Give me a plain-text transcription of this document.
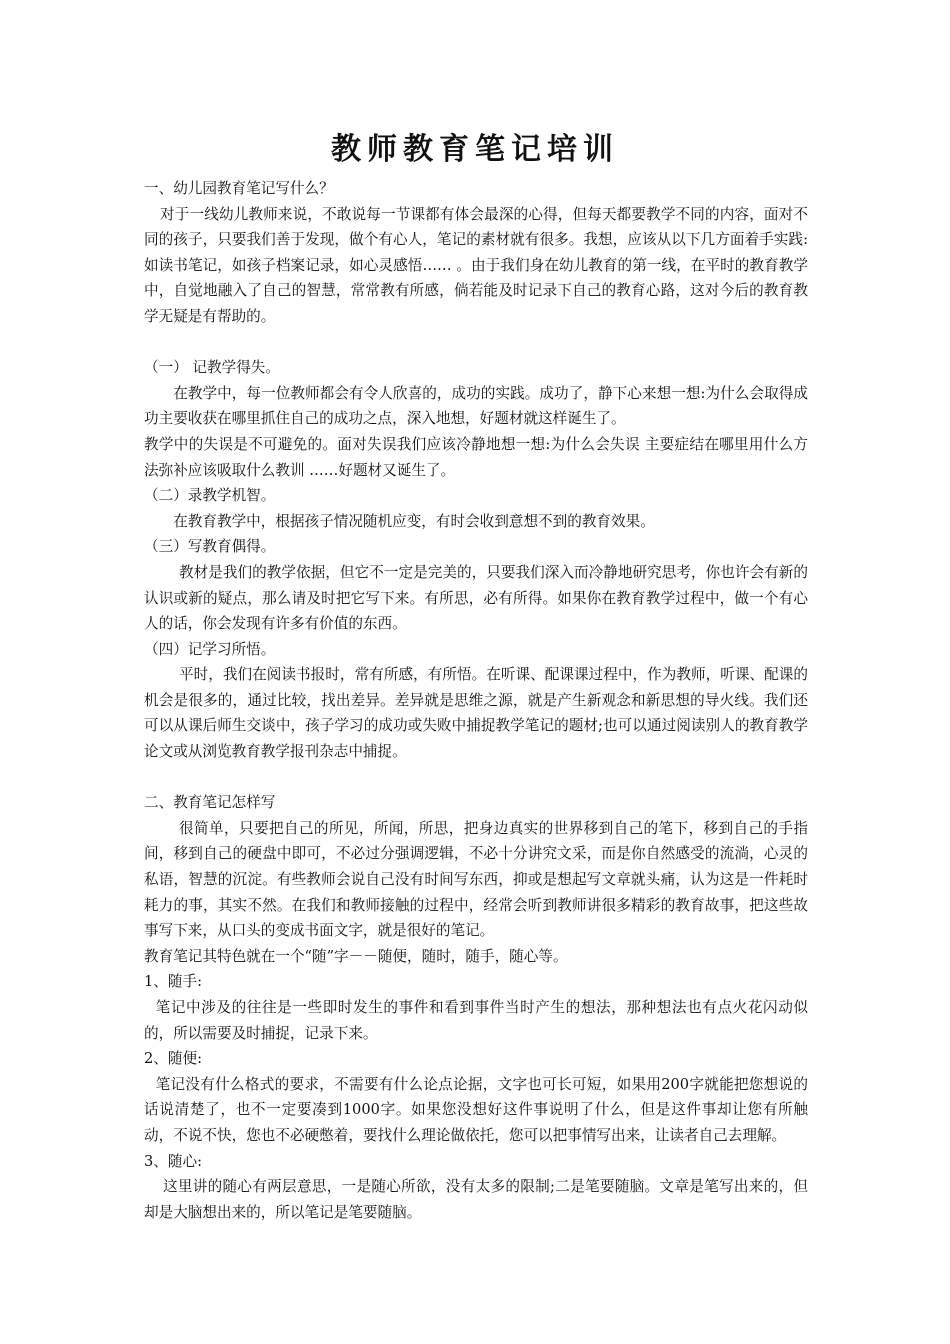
教师教育笔记培训

一、幼儿园教育笔记写什么？

对于一线幼儿教师来说，不敢说每一节课都有体会最深的心得，但每天都要教学不同的内容，面对不同的孩子，只要我们善于发现，做个有心人，笔记的素材就有很多。我想，应该从以下几方面着手实践:如读书笔记，如孩子档案记录，如心灵感悟…… 。由于我们身在幼儿教育的第一线，在平时的教育教学中，自觉地融入了自己的智慧，常常教有所感，倘若能及时记录下自己的教育心路，这对今后的教育教学无疑是有帮助的。

（一） 记教学得失。

在教学中，每一位教师都会有令人欣喜的，成功的实践。成功了，静下心来想一想:为什么会取得成功主要收获在哪里抓住自己的成功之点，深入地想，好题材就这样诞生了。

教学中的失误是不可避免的。面对失误我们应该冷静地想一想:为什么会失误 主要症结在哪里用什么方法弥补应该吸取什么教训 ……好题材又诞生了。

（二）录教学机智。

在教育教学中，根据孩子情况随机应变，有时会收到意想不到的教育效果。

（三）写教育偶得。

教材是我们的教学依据，但它不一定是完美的，只要我们深入而冷静地研究思考，你也许会有新的认识或新的疑点，那么请及时把它写下来。有所思，必有所得。如果你在教育教学过程中，做一个有心人的话，你会发现有许多有价值的东西。

（四）记学习所悟。

平时，我们在阅读书报时，常有所感，有所悟。在听课、配课课过程中，作为教师，听课、配课的机会是很多的，通过比较，找出差异。差异就是思维之源，就是产生新观念和新思想的导火线。我们还可以从课后师生交谈中，孩子学习的成功或失败中捕捉教学笔记的题材;也可以通过阅读别人的教育教学论文或从浏览教育教学报刊杂志中捕捉。

二、教育笔记怎样写

很简单，只要把自己的所见，所闻，所思，把身边真实的世界移到自己的笔下，移到自己的手指间，移到自己的硬盘中即可，不必过分强调逻辑，不必十分讲究文采，而是你自然感受的流淌，心灵的私语，智慧的沉淀。有些教师会说自己没有时间写东西，抑或是想起写文章就头痛，认为这是一件耗时耗力的事，其实不然。在我们和教师接触的过程中，经常会听到教师讲很多精彩的教育故事，把这些故事写下来，从口头的变成书面文字，就是很好的笔记。

教育笔记其特色就在一个“随”字－－随便，随时，随手，随心等。

1、随手:

笔记中涉及的往往是一些即时发生的事件和看到事件当时产生的想法，那种想法也有点火花闪动似的，所以需要及时捕捉，记录下来。

2、随便:

笔记没有什么格式的要求，不需要有什么论点论据，文字也可长可短，如果用200字就能把您想说的话说清楚了，也不一定要凑到1000字。如果您没想好这件事说明了什么，但是这件事却让您有所触动，不说不快，您也不必硬憋着，要找什么理论做依托，您可以把事情写出来，让读者自己去理解。

3、随心:

这里讲的随心有两层意思，一是随心所欲，没有太多的限制;二是笔要随脑。文章是笔写出来的，但却是大脑想出来的，所以笔记是笔要随脑。
